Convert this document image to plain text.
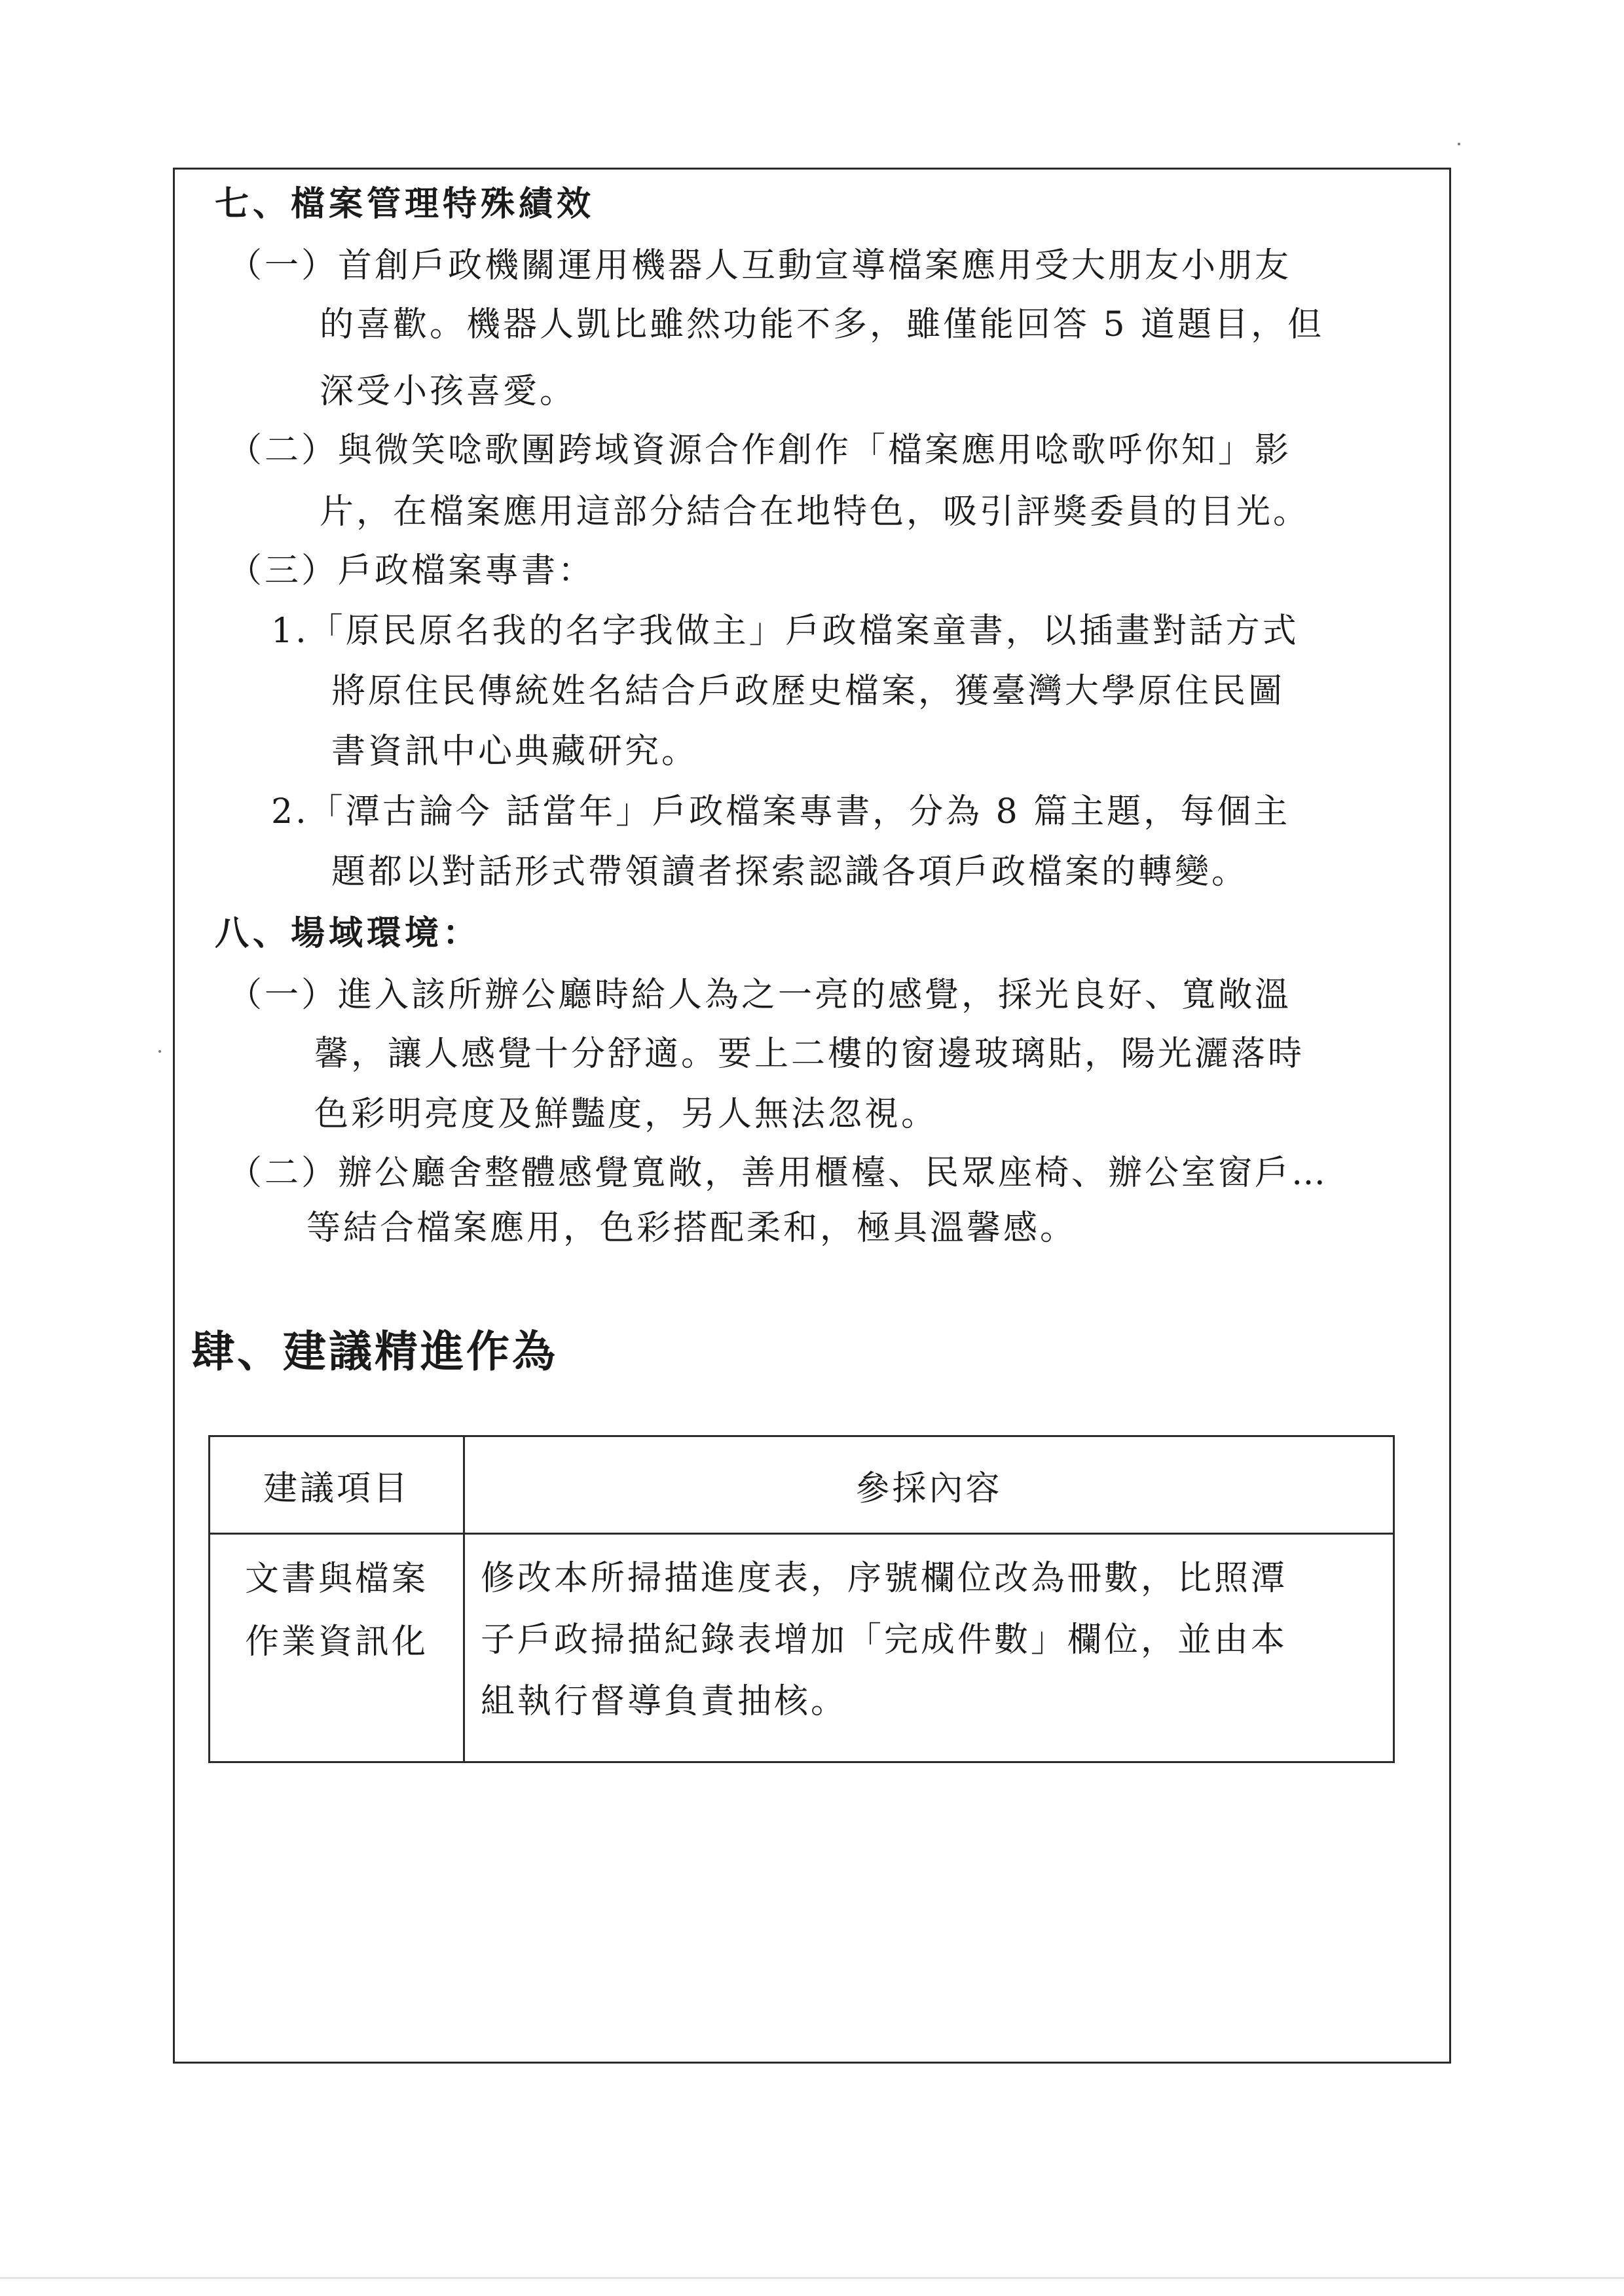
七、檔案管理特殊績效
（一）首創戶政機關運用機器人互動宣導檔案應用受大朋友小朋友
的喜歡。機器人凱比雖然功能不多，雖僅能回答 5 道題目，但
深受小孩喜愛。
（二）與微笑唸歌團跨域資源合作創作「檔案應用唸歌呼你知」影
片，在檔案應用這部分結合在地特色，吸引評獎委員的目光。
（三）戶政檔案專書：
1.「原民原名我的名字我做主」戶政檔案童書，以插畫對話方式
將原住民傳統姓名結合戶政歷史檔案，獲臺灣大學原住民圖
書資訊中心典藏研究。
2.「潭古論今 話當年」戶政檔案專書，分為 8 篇主題，每個主
題都以對話形式帶領讀者探索認識各項戶政檔案的轉變。
八、場域環境：
（一）進入該所辦公廳時給人為之一亮的感覺，採光良好、寬敞溫
馨，讓人感覺十分舒適。要上二樓的窗邊玻璃貼，陽光灑落時
色彩明亮度及鮮豔度，另人無法忽視。
（二）辦公廳舍整體感覺寬敞，善用櫃檯、民眾座椅、辦公室窗戶…
等結合檔案應用，色彩搭配柔和，極具溫馨感。
肆、建議精進作為
建議項目	參採內容

文書與檔案
作業資訊化	修改本所掃描進度表，序號欄位改為冊數，比照潭
子戶政掃描紀錄表增加「完成件數」欄位，並由本
組執行督導負責抽核。
